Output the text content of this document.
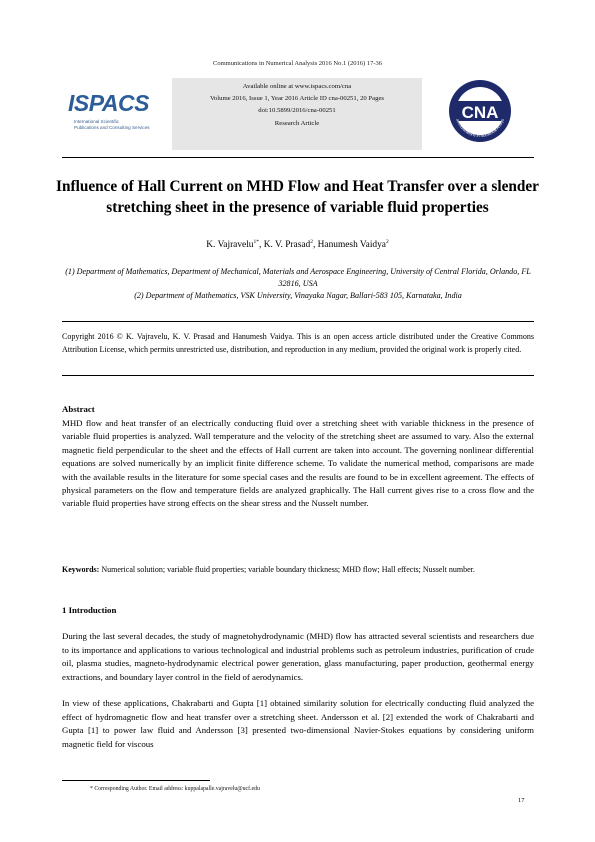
Communications in Numerical Analysis 2016 No.1 (2016) 17-36
ISPACS
International Scientific
Publications and Consulting Services
Available online at www.ispacs.com/cna
Volume 2016, Issue 1, Year 2016 Article ID cna-00251, 20 Pages
doi:10.5899/2016/cna-00251
Research Article
CNA
ommunications in Numerical Analys
Influence of Hall Current on MHD Flow and Heat Transfer over a slender stretching sheet in the presence of variable fluid properties
K. Vajravelu$^{1*}$, K. V. Prasad$^2$, Hanumesh Vaidya$^2$
(1) Department of Mathematics, Department of Mechanical, Materials and Aerospace Engineering, University of Central Florida, Orlando, FL 32816, USA
(2) Department of Mathematics, VSK University, Vinayaka Nagar, Ballari-583 105, Karnataka, India
Copyright 2016 © K. Vajravelu, K. V. Prasad and Hanumesh Vaidya. This is an open access article distributed under the Creative Commons Attribution License, which permits unrestricted use, distribution, and reproduction in any medium, provided the original work is properly cited.
Abstract
MHD flow and heat transfer of an electrically conducting fluid over a stretching sheet with variable thickness in the presence of variable fluid properties is analyzed. Wall temperature and the velocity of the stretching sheet are assumed to vary. Also the external magnetic field perpendicular to the sheet and the effects of Hall current are taken into account. The governing nonlinear differential equations are solved numerically by an implicit finite difference scheme. To validate the numerical method, comparisons are made with the available results in the literature for some special cases and the results are found to be in excellent agreement. The effects of physical parameters on the flow and temperature fields are analyzed graphically. The Hall current gives rise to a cross flow and the variable fluid properties have strong effects on the shear stress and the Nusselt number.
Keywords: Numerical solution; variable fluid properties; variable boundary thickness; MHD flow; Hall effects; Nusselt number.
1 Introduction
During the last several decades, the study of magnetohydrodynamic (MHD) flow has attracted several scientists and researchers due to its importance and applications to various technological and industrial problems such as petroleum industries, purification of crude oil, plasma studies, magneto-hydrodynamic electrical power generation, glass manufacturing, paper production, geothermal energy extractions, and boundary layer control in the field of aerodynamics.
In view of these applications, Chakrabarti and Gupta [1] obtained similarity solution for electrically conducting fluid analyzed the effect of hydromagnetic flow and heat transfer over a stretching sheet. Andersson et al. [2] extended the work of Chakrabarti and Gupta [1] to power law fluid and Andersson [3] presented two-dimensional Navier-Stokes equations by considering uniform magnetic field for viscous
* Corresponding Author. Email address: kuppalapalle.vajravelu@ucf.edu
17
